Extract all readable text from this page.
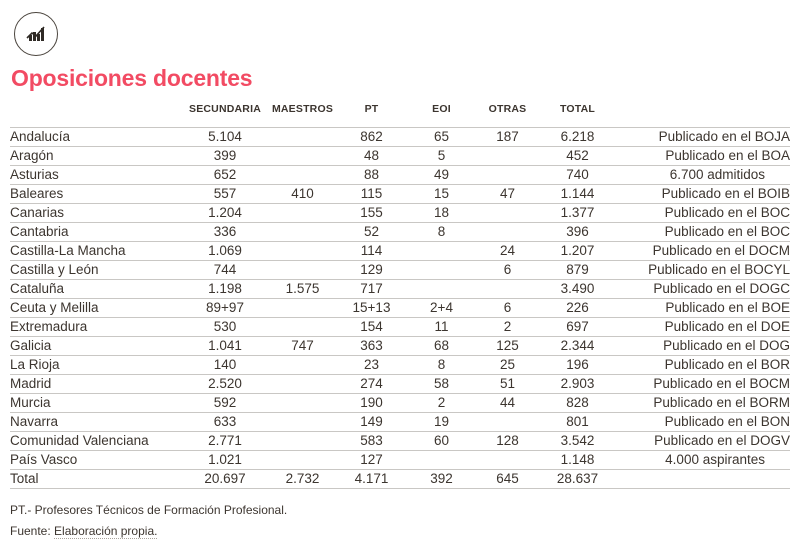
Oposiciones docentes
	SECUNDARIA	MAESTROS	PT	EOI	OTRAS	TOTAL	
Andalucía	5.104		862	65	187	6.218	Publicado en el BOJA
Aragón	399		48	5		452	Publicado en el BOA
Asturias	652		88	49		740	6.700 admitidos
Baleares	557	410	115	15	47	1.144	Publicado en el BOIB
Canarias	1.204		155	18		1.377	Publicado en el BOC
Cantabria	336		52	8		396	Publicado en el BOC
Castilla-La Mancha	1.069		114		24	1.207	Publicado en el DOCM
Castilla y León	744		129		6	879	Publicado en el BOCYL
Cataluña	1.198	1.575	717			3.490	Publicado en el DOGC
Ceuta y Melilla	89+97		15+13	2+4	6	226	Publicado en el BOE
Extremadura	530		154	11	2	697	Publicado en el DOE
Galicia	1.041	747	363	68	125	2.344	Publicado en el DOG
La Rioja	140		23	8	25	196	Publicado en el BOR
Madrid	2.520		274	58	51	2.903	Publicado en el BOCM
Murcia	592		190	2	44	828	Publicado en el BORM
Navarra	633		149	19		801	Publicado en el BON
Comunidad Valenciana	2.771		583	60	128	3.542	Publicado en el DOGV
País Vasco	1.021		127			1.148	4.000 aspirantes
Total	20.697	2.732	4.171	392	645	28.637	
PT.- Profesores Técnicos de Formación Profesional.
Fuente: Elaboración propia.
